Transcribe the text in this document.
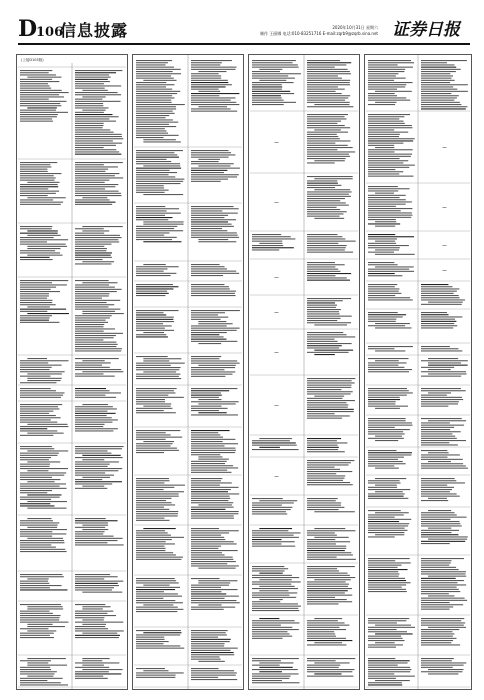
D
106
信息披露	2020年10月31日 星期六
制作 王丽娜 电话:010-83251716 E-mail:zqrb9@zqrb.sina.net 证券日报
(上接D105版)
